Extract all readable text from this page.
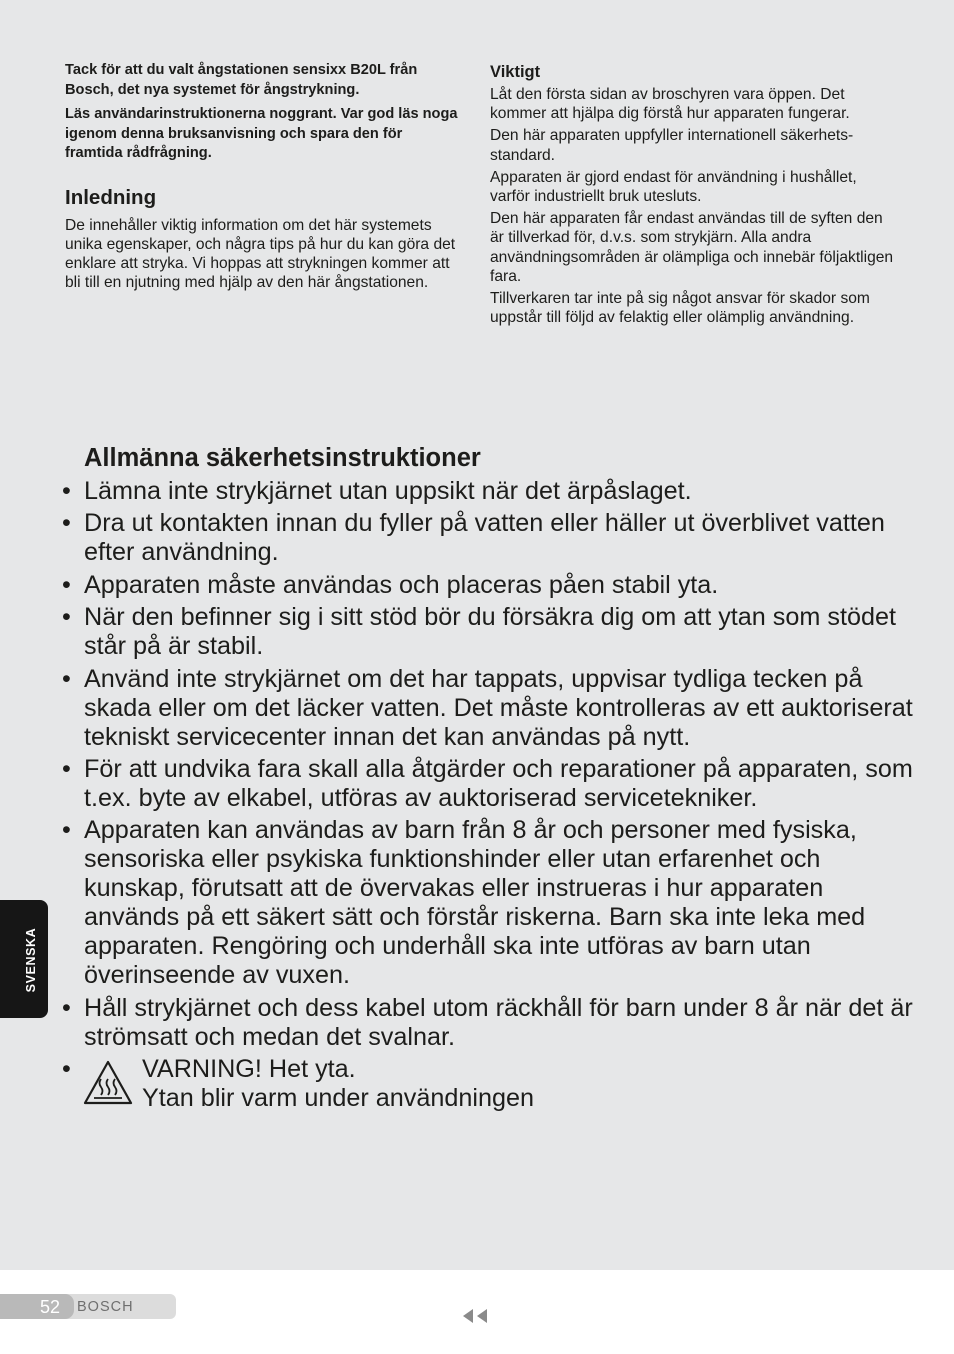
Tack för att du valt ångstationen sensixx B20L från Bosch, det nya systemet för ångstrykning.

Läs användarinstruktionerna noggrant. Var god läs noga igenom denna bruksanvisning och spara den för framtida rådfrågning.

Inledning

De innehåller viktig information om det här systemets unika egenskaper, och några tips på hur du kan göra det enklare att stryka. Vi hoppas att strykningen kommer att bli till en njutning med hjälp av den här ångstationen.

Viktigt

Låt den första sidan av broschyren vara öppen. Det kommer att hjälpa dig förstå hur apparaten fungerar.

Den här apparaten uppfyller internationell säkerhets-standard.

Apparaten är gjord endast för användning i hushållet, varför industriellt bruk utesluts.

Den här apparaten får endast användas till de syften den är tillverkad för, d.v.s. som strykjärn. Alla andra användningsområden är olämpliga och innebär följaktligen fara.

Tillverkaren tar inte på sig något ansvar för skador som uppstår till följd av felaktig eller olämplig användning.

Allmänna säkerhetsinstruktioner
• Lämna inte strykjärnet utan uppsikt när det ärpåslaget.
• Dra ut kontakten innan du fyller på vatten eller häller ut överblivet vatten efter användning.
• Apparaten måste användas och placeras påen stabil yta.
• När den befinner sig i sitt stöd bör du försäkra dig om att ytan som stödet står på är stabil.
• Använd inte strykjärnet om det har tappats, uppvisar tydliga tecken på skada eller om det läcker vatten. Det måste kontrolleras av ett auktoriserat tekniskt servicecenter innan det kan användas på nytt.
• För att undvika fara skall alla åtgärder och reparationer på apparaten, som t.ex. byte av elkabel, utföras av auktoriserad servicetekniker.
• Apparaten kan användas av barn från 8 år och personer med fysiska, sensoriska eller psykiska funktionshinder eller utan erfarenhet och kunskap, förutsatt att de övervakas eller instrueras i hur apparaten används på ett säkert sätt och förstår riskerna. Barn ska inte leka med apparaten. Rengöring och underhåll ska inte utföras av barn utan överinseende av vuxen.
• Håll strykjärnet och dess kabel utom räckhåll för barn under 8 år när det är strömsatt och medan det svalnar.
•	VARNING! Het yta.
Ytan blir varm under användningen
SVENSKA
52 BOSCH
